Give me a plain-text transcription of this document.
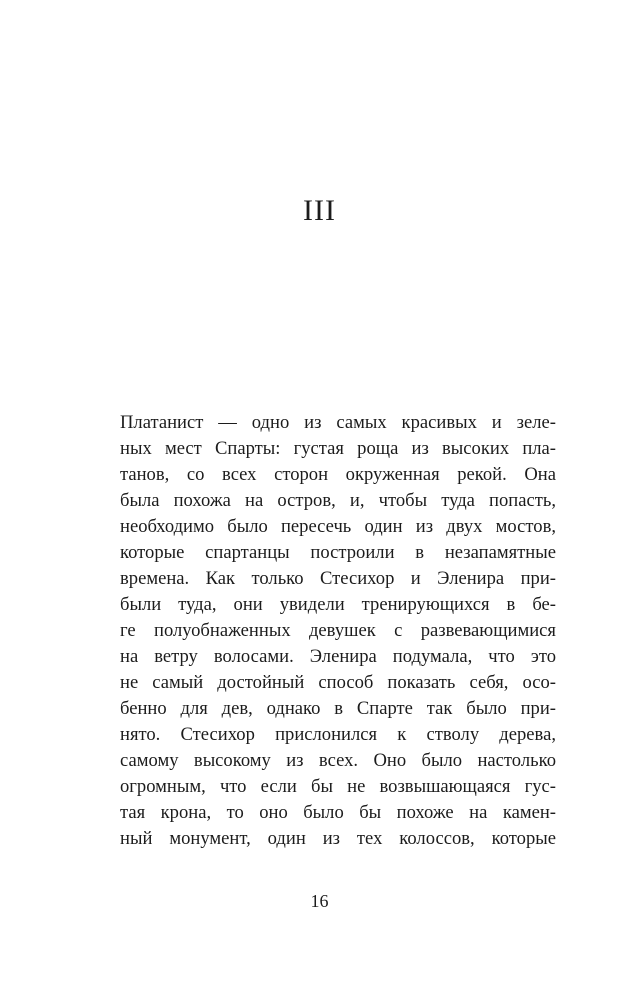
III
Платанист — одно из самых красивых и зеле-
ных мест Спарты: густая роща из высоких пла-
танов, со всех сторон окруженная рекой. Она
была похожа на остров, и, чтобы туда попасть,
необходимо было пересечь один из двух мостов,
которые спартанцы построили в незапамятные
времена. Как только Стесихор и Эленира при-
были туда, они увидели тренирующихся в бе-
ге полуобнаженных девушек с развевающимися
на ветру волосами. Эленира подумала, что это
не самый достойный способ показать себя, осо-
бенно для дев, однако в Спарте так было при-
нято. Стесихор прислонился к стволу дерева,
самому высокому из всех. Оно было настолько
огромным, что если бы не возвышающаяся гус-
тая крона, то оно было бы похоже на камен-
ный монумент, один из тех колоссов, которые
16
